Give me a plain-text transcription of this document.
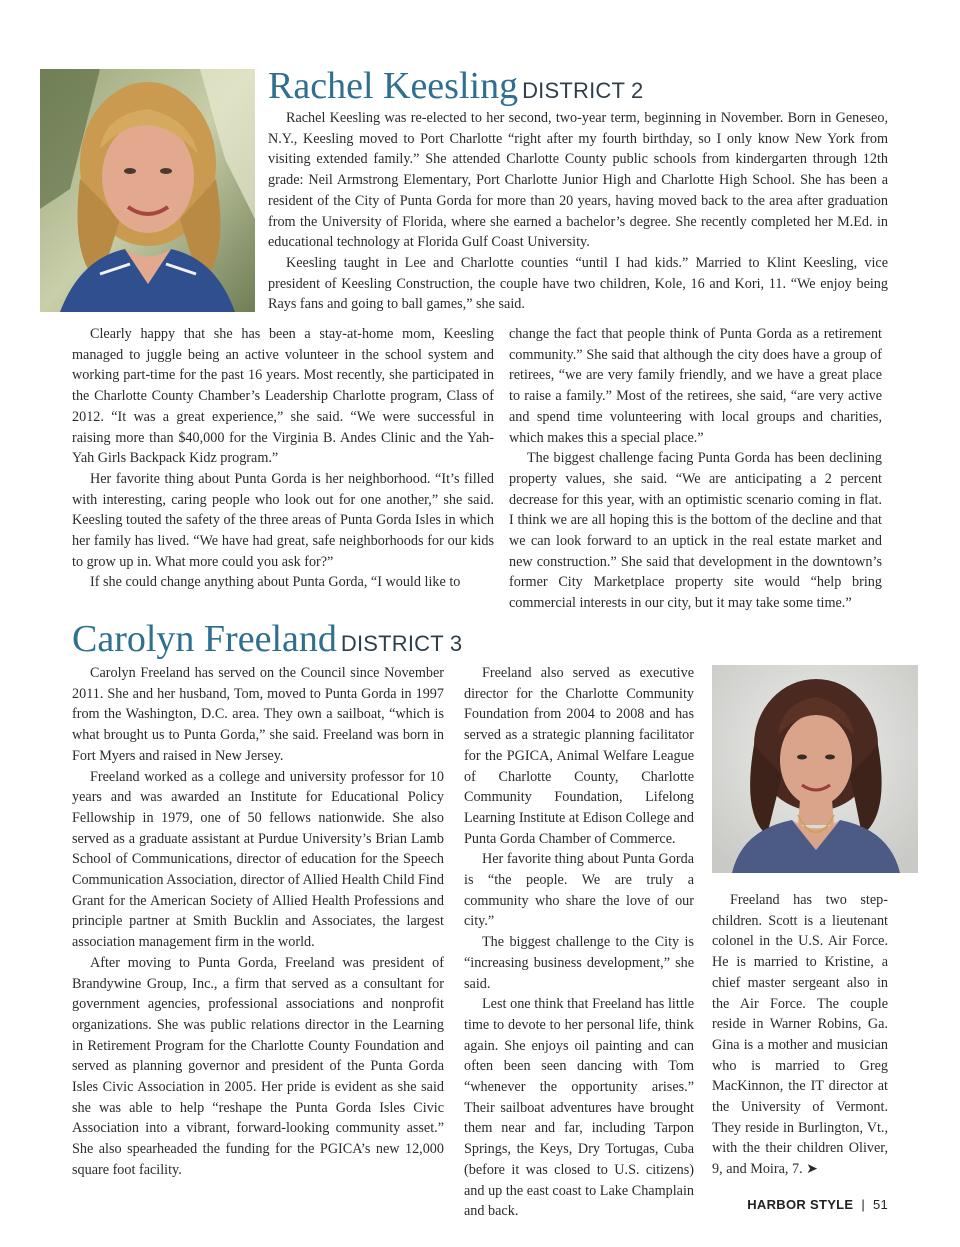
Rachel Keesling DISTRICT 2

Rachel Keesling was re-elected to her second, two-year term, beginning in November. Born in Geneseo, N.Y., Keesling moved to Port Charlotte “right after my fourth birthday, so I only know New York from visiting extended family.” She attended Charlotte County public schools from kindergarten through 12th grade: Neil Armstrong Elementary, Port Charlotte Junior High and Charlotte High School. She has been a resident of the City of Punta Gorda for more than 20 years, having moved back to the area after graduation from the University of Florida, where she earned a bachelor’s degree. She recently completed her M.Ed. in educational technology at Florida Gulf Coast University.

Keesling taught in Lee and Charlotte counties “until I had kids.” Married to Klint Keesling, vice president of Keesling Construction, the couple have two children, Kole, 16 and Kori, 11. “We enjoy being Rays fans and going to ball games,” she said.

Clearly happy that she has been a stay-at-home mom, Keesling managed to juggle being an active volunteer in the school system and working part-time for the past 16 years. Most recently, she participated in the Charlotte County Chamber’s Leadership Charlotte program, Class of 2012. “It was a great experience,” she said. “We were successful in raising more than $40,000 for the Virginia B. Andes Clinic and the Yah-Yah Girls Backpack Kidz program.”

Her favorite thing about Punta Gorda is her neighborhood. “It’s filled with interesting, caring people who look out for one another,” she said. Keesling touted the safety of the three areas of Punta Gorda Isles in which her family has lived. “We have had great, safe neighborhoods for our kids to grow up in. What more could you ask for?”

If she could change anything about Punta Gorda, “I would like to

change the fact that people think of Punta Gorda as a retirement community.” She said that although the city does have a group of retirees, “we are very family friendly, and we have a great place to raise a family.” Most of the retirees, she said, “are very active and spend time volunteering with local groups and charities, which makes this a special place.”

The biggest challenge facing Punta Gorda has been declining property values, she said. “We are anticipating a 2 percent decrease for this year, with an optimistic scenario coming in flat. I think we are all hoping this is the bottom of the decline and that we can look forward to an uptick in the real estate market and new construction.” She said that development in the downtown’s former City Marketplace property site would “help bring commercial interests in our city, but it may take some time.”

Carolyn Freeland DISTRICT 3

Carolyn Freeland has served on the Council since November 2011. She and her husband, Tom, moved to Punta Gorda in 1997 from the Washington, D.C. area. They own a sailboat, “which is what brought us to Punta Gorda,” she said. Freeland was born in Fort Myers and raised in New Jersey.

Freeland worked as a college and university professor for 10 years and was awarded an Institute for Educational Policy Fellowship in 1979, one of 50 fellows nationwide. She also served as a graduate assistant at Purdue University’s Brian Lamb School of Communications, director of education for the Speech Communication Association, director of Allied Health Child Find Grant for the American Society of Allied Health Professions and principle partner at Smith Bucklin and Associates, the largest association management firm in the world.

After moving to Punta Gorda, Freeland was president of Brandywine Group, Inc., a firm that served as a consultant for government agencies, professional associations and nonprofit organizations. She was public relations director in the Learning in Retirement Program for the Charlotte County Foundation and served as planning governor and president of the Punta Gorda Isles Civic Association in 2005. Her pride is evident as she said she was able to help “reshape the Punta Gorda Isles Civic Association into a vibrant, forward-looking community asset.” She also spearheaded the funding for the PGICA’s new 12,000 square foot facility.

Freeland also served as executive director for the Charlotte Community Foundation from 2004 to 2008 and has served as a strategic planning facilitator for the PGICA, Animal Welfare League of Charlotte County, Charlotte Community Foundation, Lifelong Learning Institute at Edison College and Punta Gorda Chamber of Commerce.

Her favorite thing about Punta Gorda is “the people. We are truly a community who share the love of our city.”

The biggest challenge to the City is “increasing business development,” she said.

Lest one think that Freeland has little time to devote to her personal life, think again. She enjoys oil painting and can often been seen dancing with Tom “whenever the opportunity arises.” Their sailboat adventures have brought them near and far, including Tarpon Springs, the Keys, Dry Tortugas, Cuba (before it was closed to U.S. citizens) and up the east coast to Lake Champlain and back.

Freeland has two step-children. Scott is a lieutenant colonel in the U.S. Air Force. He is married to Kristine, a chief master sergeant also in the Air Force. The couple reside in Warner Robins, Ga. Gina is a mother and musician who is married to Greg MacKinnon, the IT director at the University of Vermont. They reside in Burlington, Vt., with the their children Oliver, 9, and Moira, 7. ➤

HARBOR STYLE | 51
